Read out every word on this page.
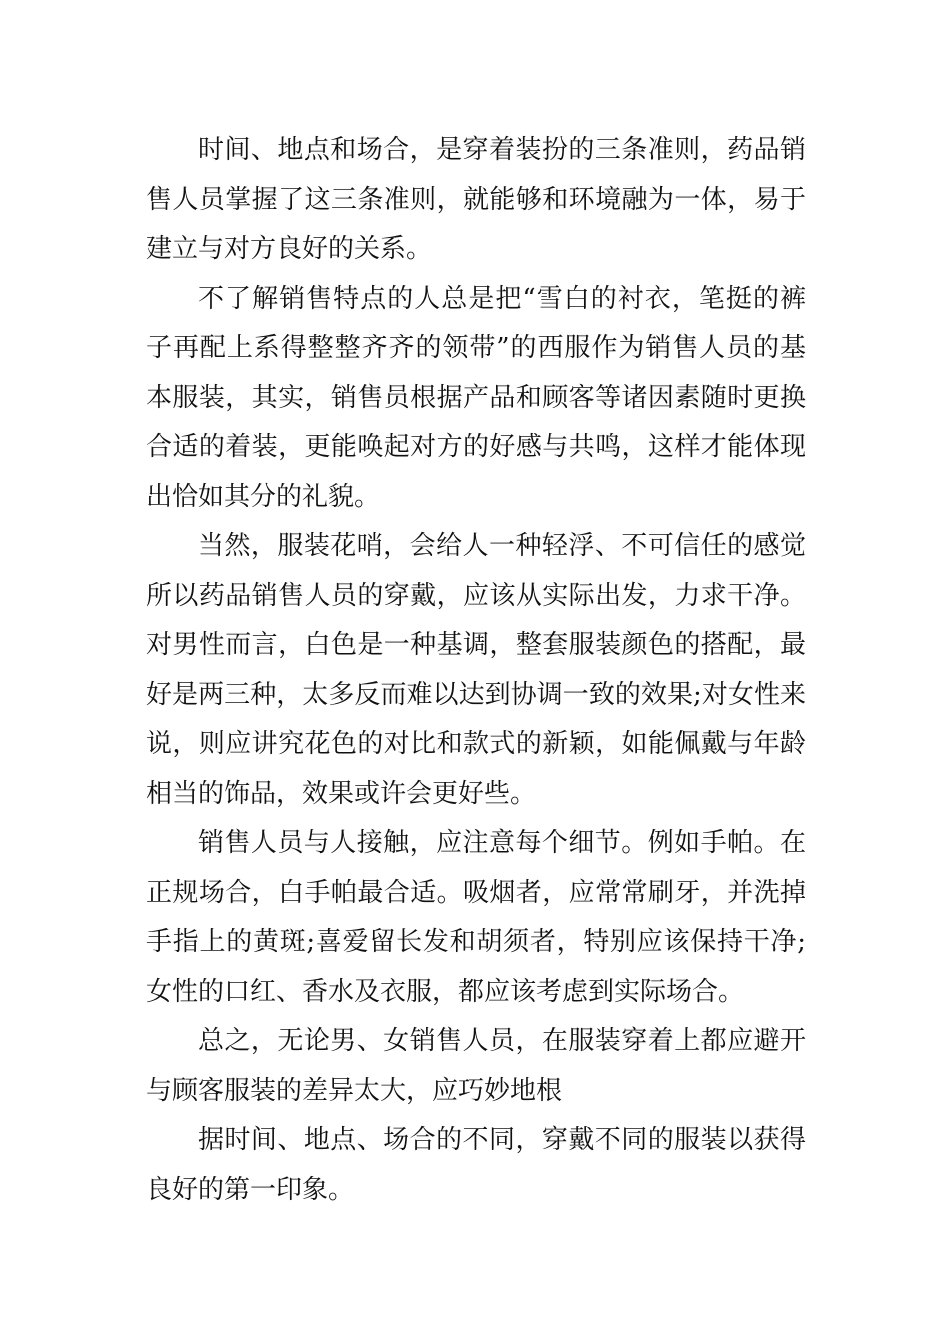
时间、地点和场合，是穿着装扮的三条准则，药品销售人员掌握了这三条准则，就能够和环境融为一体，易于建立与对方良好的关系。

不了解销售特点的人总是把“雪白的衬衣，笔挺的裤子再配上系得整整齐齐的领带”的西服作为销售人员的基本服装，其实，销售员根据产品和顾客等诸因素随时更换合适的着装，更能唤起对方的好感与共鸣，这样才能体现出恰如其分的礼貌。

当然，服装花哨，会给人一种轻浮、不可信任的感觉所以药品销售人员的穿戴，应该从实际出发，力求干净。对男性而言，白色是一种基调，整套服装颜色的搭配，最好是两三种，太多反而难以达到协调一致的效果;对女性来说，则应讲究花色的对比和款式的新颖，如能佩戴与年龄相当的饰品，效果或许会更好些。

销售人员与人接触，应注意每个细节。例如手帕。在正规场合，白手帕最合适。吸烟者，应常常刷牙，并洗掉手指上的黄斑;喜爱留长发和胡须者，特别应该保持干净;女性的口红、香水及衣服，都应该考虑到实际场合。

总之，无论男、女销售人员，在服装穿着上都应避开与顾客服装的差异太大，应巧妙地根

据时间、地点、场合的不同，穿戴不同的服装以获得良好的第一印象。
